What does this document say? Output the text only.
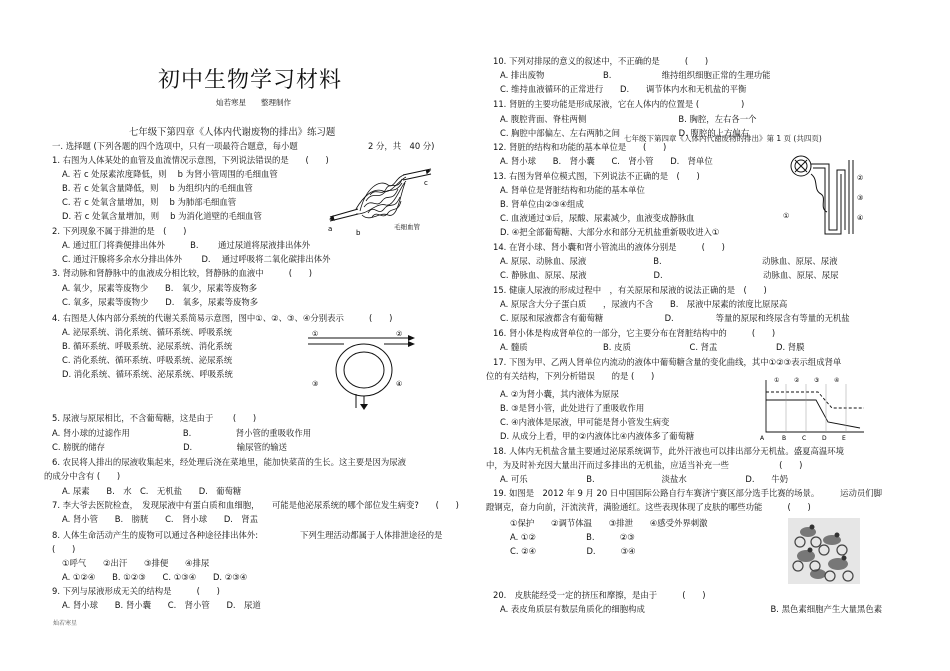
初中生物学习材料
灿若寒星　　整理制作
七年级下第四章《人体内代谢废物的排出》练习题
一. 选择题 (下列各题的四个选项中，只有一项最符合题意，每小题	2 分，共　40 分)
1. 右图为人体某处的血管及血流情况示意图，下列说法错误的是　　(　　)
A. 若 c 处尿素浓度降低，则　 b 为肾小管周围的毛细血管
B. 若 c 处氧含量降低，则　 b 为组织内的毛细血管
C. 若 c 处氧含量增加，则　 b 为肺部毛细血管
D. 若 c 处氧含量增加，则　 b 为消化道壁的毛细血管
2. 下列现象不属于排泄的是　(　　)
A. 通过肛门将粪便排出体外　　　B.　　 通过尿道将尿液排出体外
C. 通过汗腺将多余水分排出体外　　 D.　 通过呼吸将二氧化碳排出体外
3. 肾动脉和肾静脉中的血液成分相比较，肾静脉的血液中　　　(　　)
A. 氧少，尿素等废物少　　B.　氧少，尿素等废物多
C. 氧多，尿素等废物少　　D.　氧多，尿素等废物多
4. 右图是人体内部分系统的代谢关系简易示意图，图中①、②、③、④分别表示　　　(　　)
A. 泌尿系统、消化系统、循环系统、呼吸系统
B. 循环系统、呼吸系统、泌尿系统、消化系统
C. 消化系统、循环系统、呼吸系统、泌尿系统
D. 消化系统、循环系统、泌尿系统、呼吸系统
5. 尿液与原尿相比，不含葡萄糖，这是由于　　 (　　)
A. 肾小球的过滤作用　　　　　　 B.　　　　　 肾小管的重吸收作用
C. 膀胱的储存　　　　　　　　　 D.　　　　　 输尿管的输送
6. 农民将人排出的尿液收集起来，经处理后浇在菜地里，能加快菜苗的生长。这主要是因为尿液
的成分中含有 (　　)
A. 尿素　　B.　水　C.　无机盐　　D.　葡萄糖
7. 李大爷去医院检查，　发现尿液中有蛋白质和血细胞，　　可能是他泌尿系统的哪个部位发生病变?　　(　　)
A. 肾小管　　B.　膀胱　　C.　肾小球　　D.　肾盂
8. 人体生命活动产生的废物可以通过各种途径排出体外:　　　　　下列生理活动都属于人体排泄途径的是
(　　)
①呼气　　②出汗　　③排便　　④排尿
A. ①②④　　B. ①②③　　C. ①③④　　D. ②③④
9. 下列与尿液形成无关的结构是　　　(　　)
A. 肾小球　　B. 肾小囊　　C.　肾小管　　D.　尿道
灿若寒星
a	b
c
毛细血管
①	②
③	④
10. 下列对排尿的意义的叙述中，不正确的是　　　(　　)
A. 排出废物　　　　　　　B.　　　　　　维持组织细胞正常的生理功能
C. 维持血液循环的正常进行　　D.　　调节体内水和无机盐的平衡
11. 肾脏的主要功能是形成尿液，它在人体内的位置是 (　　　　　)
A. 腹腔背面、脊柱两侧　　　　　　　　　　　B. 胸腔，左右各一个
C. 胸腔中部偏左、左右两肺之间　　　　　　　D. 腹腔的上方偏右
七年级下第四章《人体内代谢废物的排出》第 1 页 (共四页)
12. 肾脏的结构和功能的基本单位是　　(　　)
A. 肾小球　　B.　肾小囊　　C.　肾小管　　D.　肾单位
13. 右图为肾单位模式图，下列说法不正确的是　(　　)
A. 肾单位是肾脏结构和功能的基本单位
B. 肾单位由②③④组成
C. 血液通过③后，尿酸、尿素减少，血液变成静脉血
D. ④把全部葡萄糖、大部分水和部分无机盐重新吸收进入①
14. 在肾小球、肾小囊和肾小管流出的液体分别是　　　(　　)
A. 原尿、动脉血、尿液　　　　　　　　B.　　　　　　　　　　　　动脉血、原尿、尿液
C. 静脉血、原尿、尿液　　　　　　　　D.　　　　　　　　　　　　动脉血、原尿、尿尿
15. 健康人尿液的形成过程中　，有关原尿和尿液的说法正确的是　(　　)
A. 原尿含大分子蛋白质　　，尿液内不含　　B.　尿液中尿素的浓度比原尿高
C. 原尿和尿液都含有葡萄糖　　　　　　　 D.　　　　　等量的原尿和终尿含有等量的无机盐
16. 肾小体是构成肾单位的一部分，它主要分布在肾脏结构中的　　　(　　)
A. 髓质　　　　　　　　　B. 皮质　　　　　　　C. 肾盂　　　　　　　D. 肾膜
17. 下图为甲、乙两人肾单位内流动的液体中葡萄糖含量的变化曲线，其中①②③表示组成肾单
位的有关结构，下列分析错误　　的是 (　　)
A. ②为肾小囊，其内液体为原尿
B. ③是肾小管，此处进行了重吸收作用
C. ④内液体是尿液，甲可能是肾小管发生病变
D. 从成分上看，甲的②内液体比④内液体多了葡萄糖
18. 人体内无机盐含量主要通过泌尿系统调节，此外汗液也可以排出部分无机盐。盛夏高温环境
中，为及时补充因大量出汗而过多排出的无机盐，应适当补充一些　　　　　　(　　)
A. 可乐　　　　　　　B.　　　　　　　　淡盐水　　　　　　　D.　　牛奶
19. 如图是　2012 年 9 月 20 日中国国际公路自行车赛济宁赛区部分选手比赛的场景。　　　运动员们脚
蹬钢克，奋力向前，汗流浃背，满脸通红。这些表现体现了皮肤的哪些功能　　　(　　)
①保护　　②调节体温　　③排泄　　④感受外界刺激
A. ①②　　　　　　B.　　　②③
C. ②④　　　　　　D.　　　③④
20.　皮肤能经受一定的挤压和摩擦，是由于　　　(　　)
A. 表皮角质层有数层角质化的细胞构成　　　　　　　　　　　　　　　B. 黑色素细胞产生大量黑色素
①
②
③
④
A	B	C	D	E
① ② ③ ④
